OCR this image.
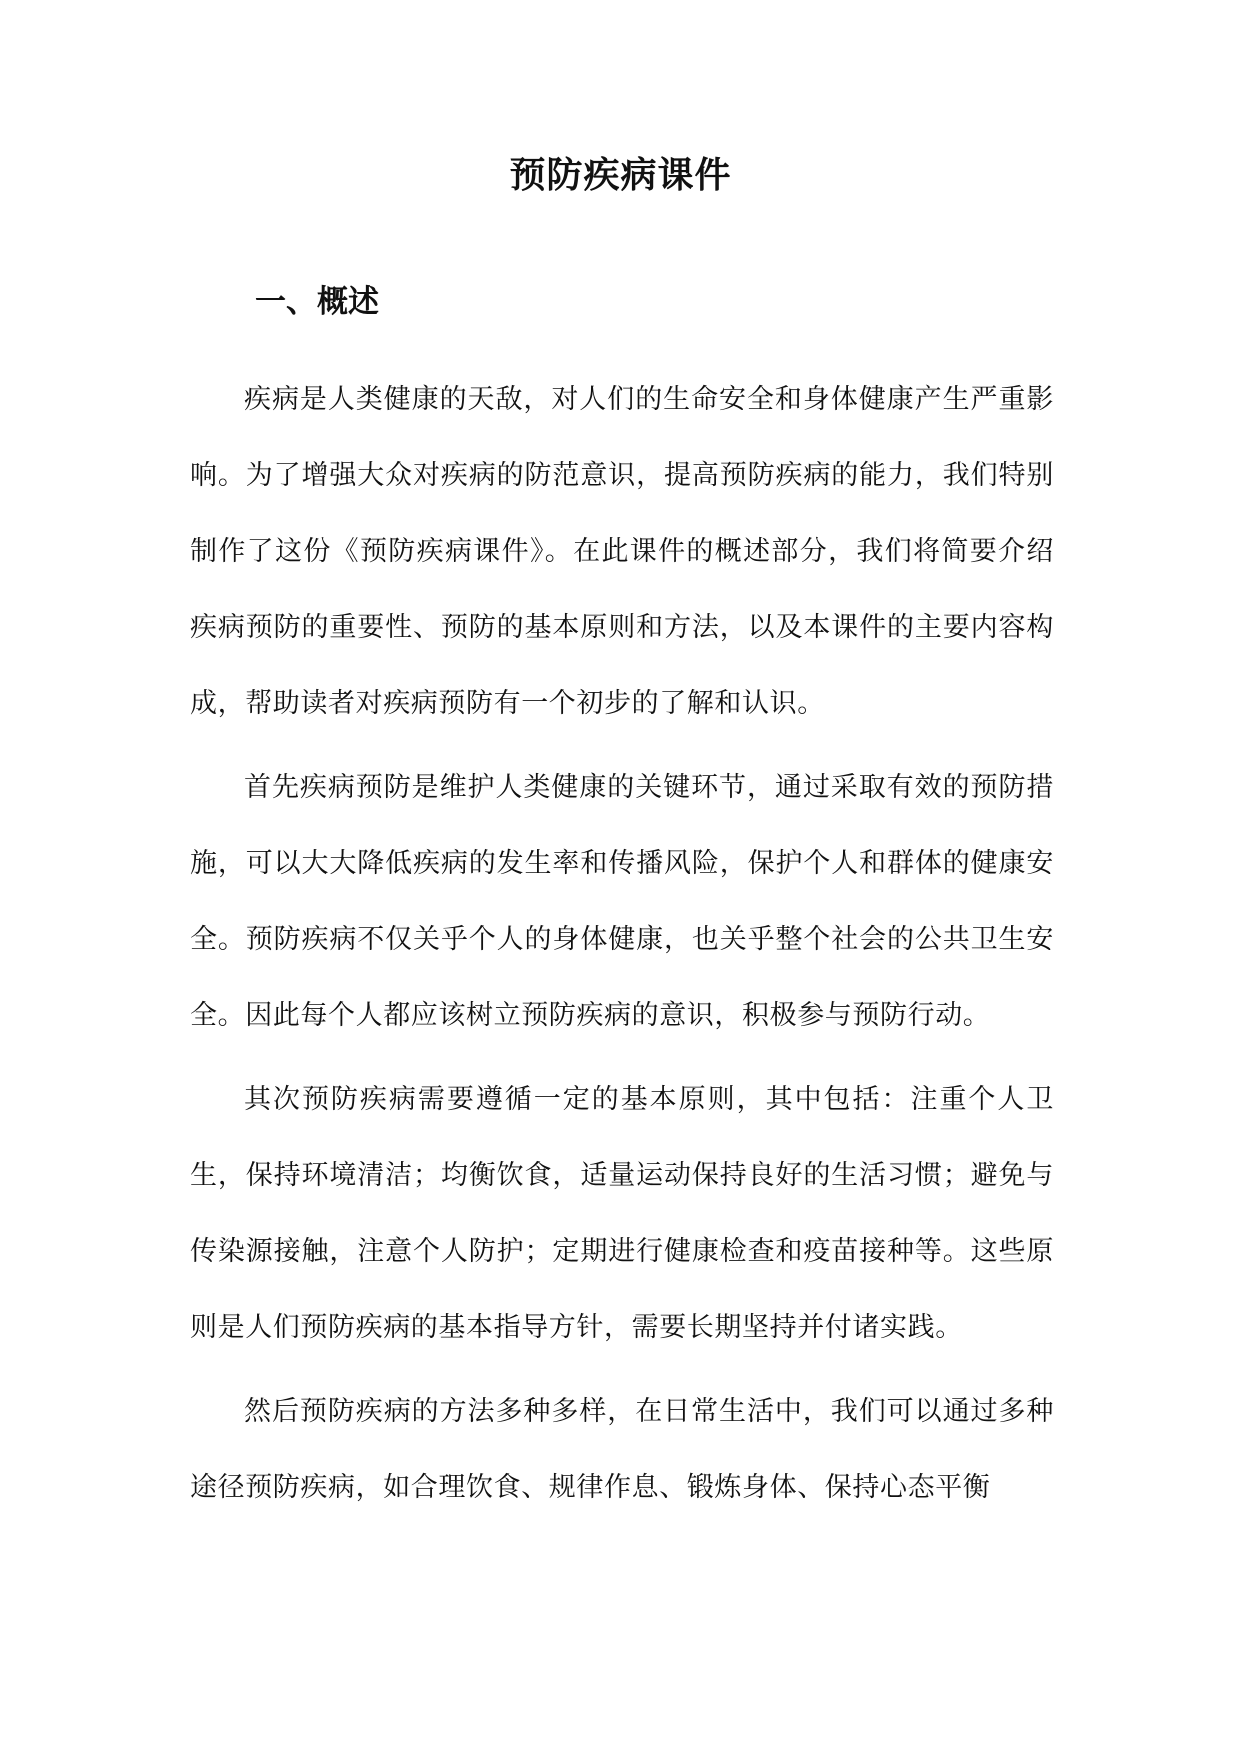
预防疾病课件
一、概述

疾病是人类健康的天敌，对人们的生命安全和身体健康产生严重影响。为了增强大众对疾病的防范意识，提高预防疾病的能力，我们特别制作了这份《预防疾病课件》。在此课件的概述部分，我们将简要介绍疾病预防的重要性、预防的基本原则和方法，以及本课件的主要内容构成，帮助读者对疾病预防有一个初步的了解和认识。

首先疾病预防是维护人类健康的关键环节，通过采取有效的预防措施，可以大大降低疾病的发生率和传播风险，保护个人和群体的健康安全。预防疾病不仅关乎个人的身体健康，也关乎整个社会的公共卫生安全。因此每个人都应该树立预防疾病的意识，积极参与预防行动。

其次预防疾病需要遵循一定的基本原则，其中包括：注重个人卫生，保持环境清洁；均衡饮食，适量运动保持良好的生活习惯；避免与传染源接触，注意个人防护；定期进行健康检查和疫苗接种等。这些原则是人们预防疾病的基本指导方针，需要长期坚持并付诸实践。

然后预防疾病的方法多种多样，在日常生活中，我们可以通过多种途径预防疾病，如合理饮食、规律作息、锻炼身体、保持心态平衡
